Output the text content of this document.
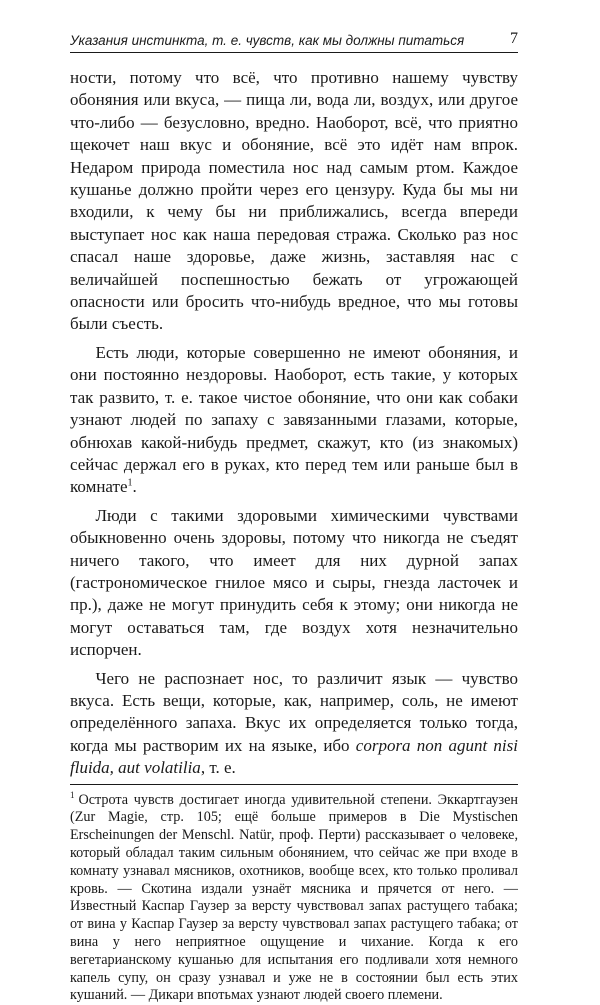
Указания инстинкта, т. е. чувств, как мы должны питаться	7

ности, потому что всё, что противно нашему чувству обоняния или вкуса, — пища ли, вода ли, воздух, или другое что-либо — безусловно, вредно. Наоборот, всё, что приятно щекочет наш вкус и обоняние, всё это идёт нам впрок. Недаром природа поместила нос над самым ртом. Каждое кушанье должно пройти через его цензуру. Куда бы мы ни входили, к чему бы ни приближались, всегда впереди выступает нос как наша передовая стража. Сколько раз нос спасал наше здоровье, даже жизнь, заставляя нас с величайшей поспешностью бежать от угрожающей опасности или бросить что-нибудь вредное, что мы готовы были съесть.

Есть люди, которые совершенно не имеют обоняния, и они постоянно нездоровы. Наоборот, есть такие, у которых так развито, т. е. такое чистое обоняние, что они как собаки узнают людей по запаху с завязанными глазами, которые, обнюхав какой-нибудь предмет, скажут, кто (из знакомых) сейчас держал его в руках, кто перед тем или раньше был в комнате$^1$.

Люди с такими здоровыми химическими чувствами обыкновенно очень здоровы, потому что никогда не съедят ничего такого, что имеет для них дурной запах (гастрономическое гнилое мясо и сыры, гнезда ласточек и пр.), даже не могут принудить себя к этому; они никогда не могут оставаться там, где воздух хотя незначительно испорчен.

Чего не распознает нос, то различит язык — чувство вкуса. Есть вещи, которые, как, например, соль, не имеют определённого запаха. Вкус их определяется только тогда, когда мы растворим их на языке, ибо corpora non agunt nisi fluida, aut volatilia, т. е.

$^1$ Острота чувств достигает иногда удивительной степени. Эккартгаузен (Zur Magie, стр. 105; ещё больше примеров в Die Mystischen Erscheinungen der Menschl. Natür, проф. Перти) рассказывает о человеке, который обладал таким сильным обонянием, что сейчас же при входе в комнату узнавал мясников, охотников, вообще всех, кто только проливал кровь. — Скотина издали узнаёт мясника и прячется от него. — Известный Каспар Гаузер за версту чувствовал запах растущего табака; от вина у Каспар Гаузер за версту чувствовал запах растущего табака; от вина у него неприятное ощущение и чихание. Когда к его вегетарианскому кушанью для испытания его подливали хотя немного капель супу, он сразу узнавал и уже не в состоянии был есть этих кушаний. — Дикари впотьмах узнают людей своего племени.
